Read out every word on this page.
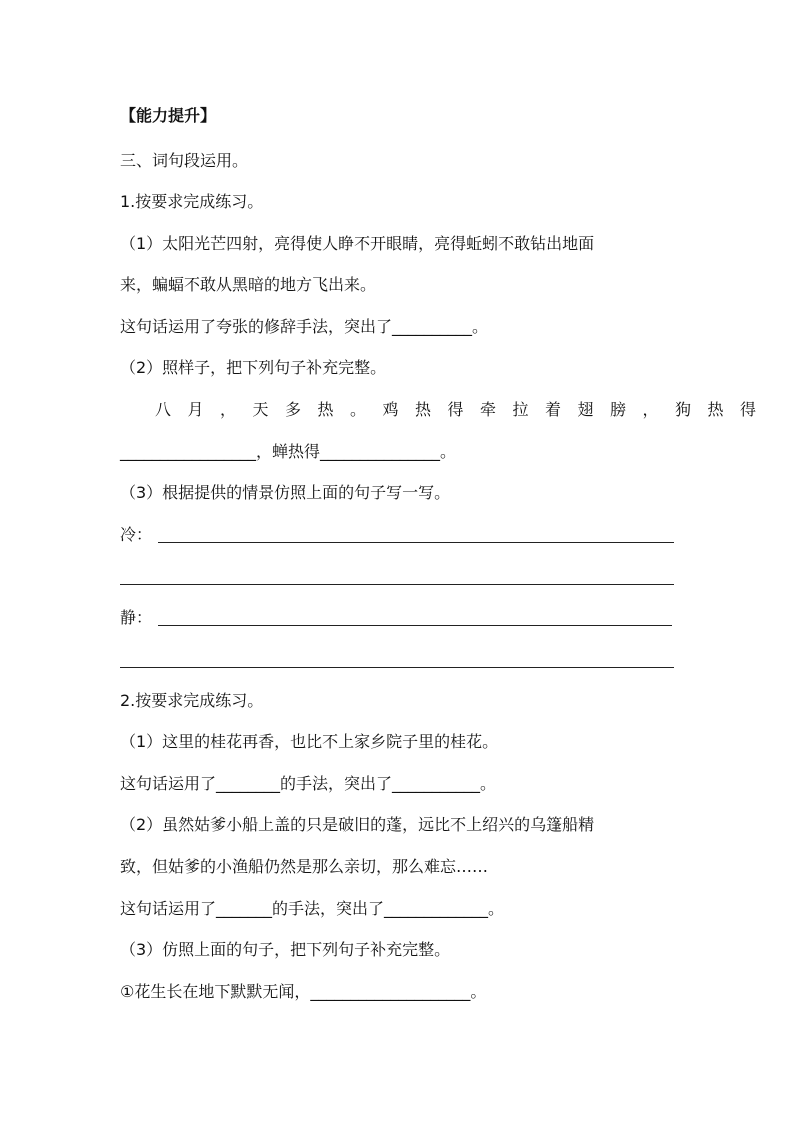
【能力提升】
三、词句段运用。
1.按要求完成练习。
（1）太阳光芒四射，亮得使人睁不开眼睛，亮得蚯蚓不敢钻出地面
来，蝙蝠不敢从黑暗的地方飞出来。
这句话运用了夸张的修辞手法，突出了__________。
（2）照样子，把下列句子补充完整。
八月，天多热。鸡热得牵拉着翅膀，狗热得
_________________，蝉热得_______________。
（3）根据提供的情景仿照上面的句子写一写。
冷：
静：
2.按要求完成练习。
（1）这里的桂花再香，也比不上家乡院子里的桂花。
这句话运用了________的手法，突出了___________。
（2）虽然姑爹小船上盖的只是破旧的蓬，远比不上绍兴的乌篷船精
致，但姑爹的小渔船仍然是那么亲切，那么难忘……
这句话运用了_______的手法，突出了_____________。
（3）仿照上面的句子，把下列句子补充完整。
①花生长在地下默默无闻，____________________。
